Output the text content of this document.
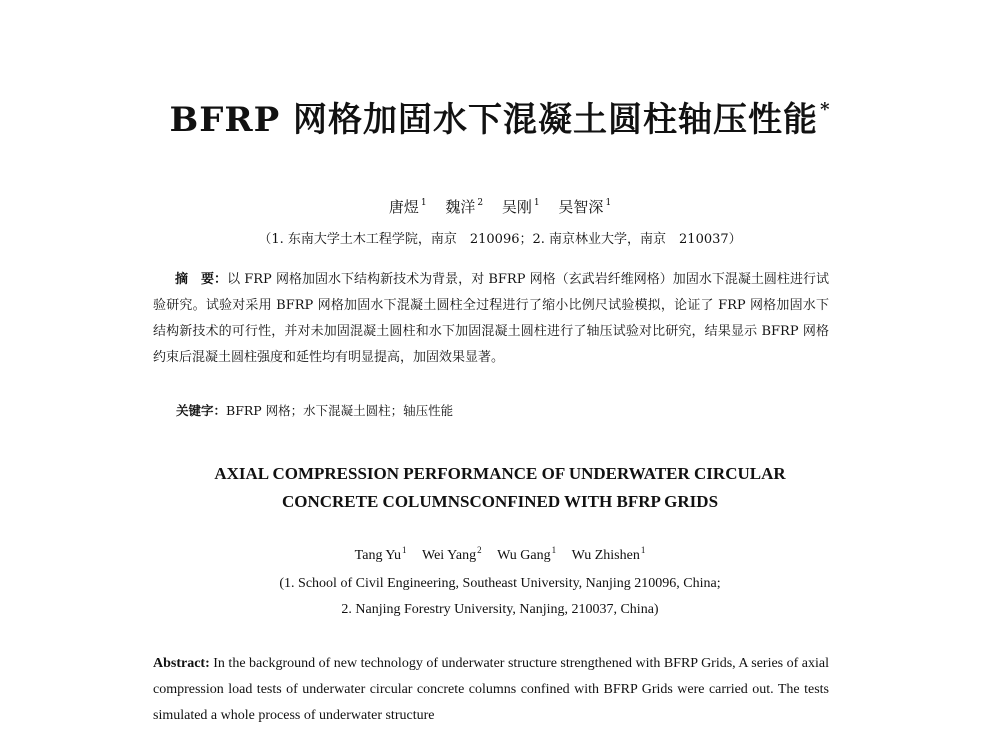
BFRP 网格加固水下混凝土圆柱轴压性能 *
唐煜 $^1$ 魏洋 $^2$ 吴刚 $^1$ 吴智深 $^1$
（1. 东南大学土木工程学院，南京　210096；2. 南京林业大学，南京　210037）

摘　要：以 FRP 网格加固水下结构新技术为背景，对 BFRP 网格（玄武岩纤维网格）加固水下混凝土圆柱进行试验研究。试验对采用 BFRP 网格加固水下混凝土圆柱全过程进行了缩小比例尺试验模拟，论证了 FRP 网格加固水下结构新技术的可行性，并对未加固混凝土圆柱和水下加固混凝土圆柱进行了轴压试验对比研究，结果显示 BFRP 网格约束后混凝土圆柱强度和延性均有明显提高，加固效果显著。

关键字：BFRP 网格；水下混凝土圆柱；轴压性能
AXIAL COMPRESSION PERFORMANCE OF UNDERWATER CIRCULAR
CONCRETE COLUMNSCONFINED WITH BFRP GRIDS
Tang Yu$^1$ Wei Yang$^2$ Wu Gang$^1$ Wu Zhishen$^1$
(1. School of Civil Engineering, Southeast University, Nanjing 210096, China;
2. Nanjing Forestry University, Nanjing, 210037, China)

Abstract: In the background of new technology of underwater structure strengthened with BFRP Grids, A series of axial compression load tests of underwater circular concrete columns confined with BFRP Grids were carried out. The tests simulated a whole process of underwater structure
